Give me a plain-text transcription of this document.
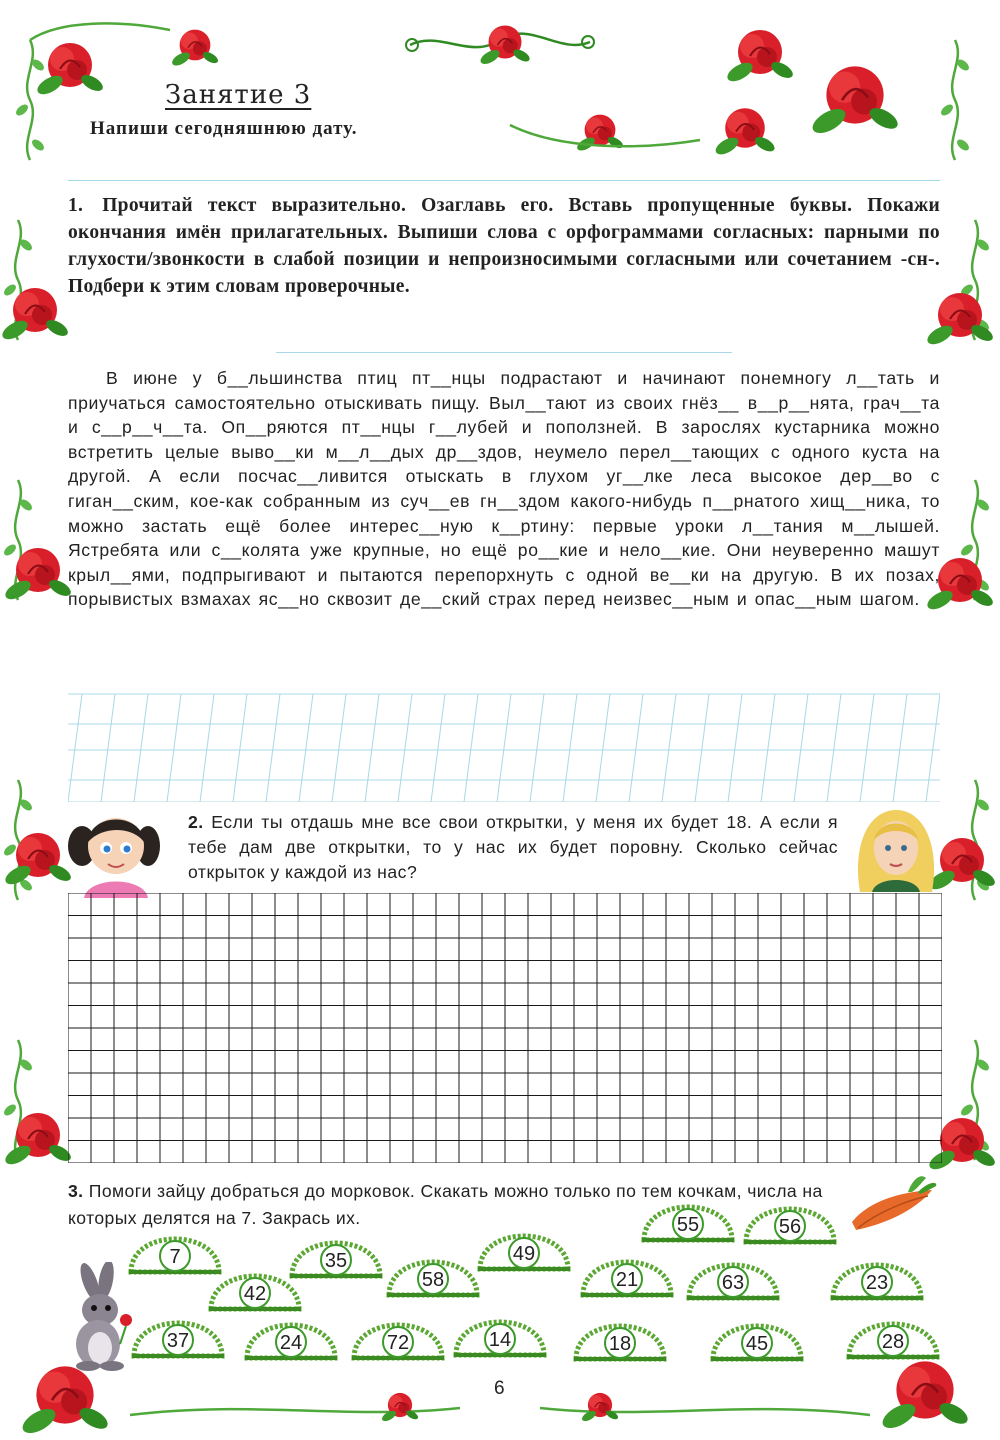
Занятие 3
Напиши сегодняшнюю дату.
1. Прочитай текст выразительно. Озаглавь его. Вставь пропущенные буквы. Покажи окончания имён прилагательных. Выпиши слова с орфограммами согласных: парными по глухости/звонкости в слабой позиции и непроизносимыми согласными или сочетанием -сн-. Подбери к этим словам проверочные.

В июне у б__льшинства птиц пт__нцы подрастают и начинают понемногу л__тать и приучаться самостоятельно отыскивать пищу. Выл__тают из своих гнёз__ в__р__нята, грач__та и с__р__ч__та. Оп__ряются пт__нцы г__лубей и поползней. В зарослях кустарника можно встретить целые выво__ки м__л__дых др__здов, неумело перел__тающих с одного куста на другой. А если посчас__ливится отыскать в глухом уг__лке леса высокое дер__во с гиган__ским, кое-как собранным из суч__ев гн__здом какого-нибудь п__рнатого хищ__ника, то можно застать ещё более интерес__ную к__ртину: первые уроки л__тания м__лышей. Ястребята или с__колята уже крупные, но ещё ро__кие и нело__кие. Они неуверенно машут крыл__ями, подпрыгивают и пытаются перепорхнуть с одной ве__ки на другую. В их позах, порывистых взмахах яс__но сквозит де__ский страх перед неизвес__ным и опас__ным шагом.

2. Если ты отдашь мне все свои открытки, у меня их будет 18. А если я тебе дам две открытки, то у нас их будет поровну. Сколько сейчас открыток у каждой из нас?
3. Помоги зайцу добраться до морковок. Скакать можно только по тем кочкам, числа на которых делятся на 7. Закрась их.	55	56
7	35	49
42
58	21	63	23
37	24	72	14	18	45	28
6
